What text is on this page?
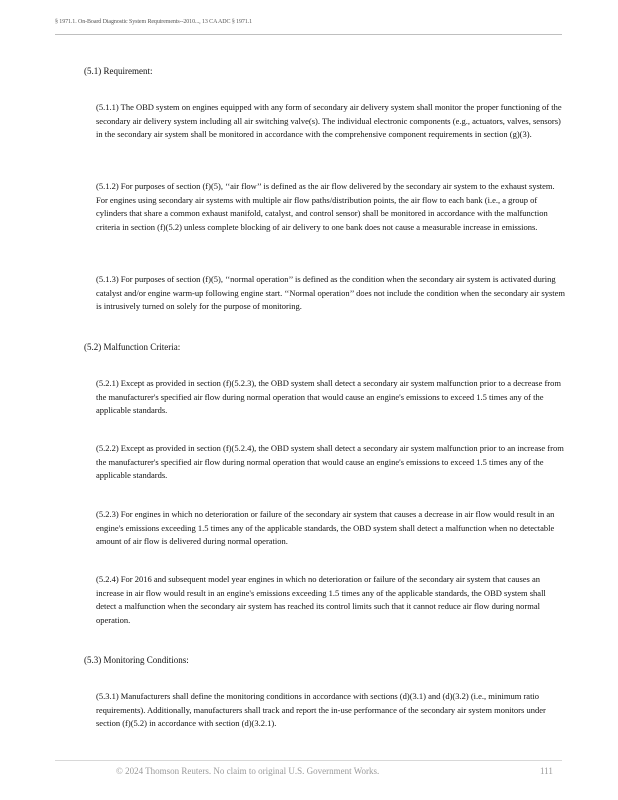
§ 1971.1. On-Board Diagnostic System Requirements--2010..., 13 CA ADC § 1971.1
(5.1) Requirement:
(5.1.1) The OBD system on engines equipped with any form of secondary air delivery system shall monitor the proper functioning of the secondary air delivery system including all air switching valve(s). The individual electronic components (e.g., actuators, valves, sensors) in the secondary air system shall be monitored in accordance with the comprehensive component requirements in section (g)(3).
(5.1.2) For purposes of section (f)(5), ‘‘air flow’’ is defined as the air flow delivered by the secondary air system to the exhaust system. For engines using secondary air systems with multiple air flow paths/distribution points, the air flow to each bank (i.e., a group of cylinders that share a common exhaust manifold, catalyst, and control sensor) shall be monitored in accordance with the malfunction criteria in section (f)(5.2) unless complete blocking of air delivery to one bank does not cause a measurable increase in emissions.
(5.1.3) For purposes of section (f)(5), ‘‘normal operation’’ is defined as the condition when the secondary air system is activated during catalyst and/or engine warm-up following engine start. ‘‘Normal operation’’ does not include the condition when the secondary air system is intrusively turned on solely for the purpose of monitoring.
(5.2) Malfunction Criteria:
(5.2.1) Except as provided in section (f)(5.2.3), the OBD system shall detect a secondary air system malfunction prior to a decrease from the manufacturer's specified air flow during normal operation that would cause an engine's emissions to exceed 1.5 times any of the applicable standards.
(5.2.2) Except as provided in section (f)(5.2.4), the OBD system shall detect a secondary air system malfunction prior to an increase from the manufacturer's specified air flow during normal operation that would cause an engine's emissions to exceed 1.5 times any of the applicable standards.
(5.2.3) For engines in which no deterioration or failure of the secondary air system that causes a decrease in air flow would result in an engine's emissions exceeding 1.5 times any of the applicable standards, the OBD system shall detect a malfunction when no detectable amount of air flow is delivered during normal operation.
(5.2.4) For 2016 and subsequent model year engines in which no deterioration or failure of the secondary air system that causes an increase in air flow would result in an engine's emissions exceeding 1.5 times any of the applicable standards, the OBD system shall detect a malfunction when the secondary air system has reached its control limits such that it cannot reduce air flow during normal operation.
(5.3) Monitoring Conditions:
(5.3.1) Manufacturers shall define the monitoring conditions in accordance with sections (d)(3.1) and (d)(3.2) (i.e., minimum ratio requirements). Additionally, manufacturers shall track and report the in-use performance of the secondary air system monitors under section (f)(5.2) in accordance with section (d)(3.2.1).
© 2024 Thomson Reuters. No claim to original U.S. Government Works.	111
